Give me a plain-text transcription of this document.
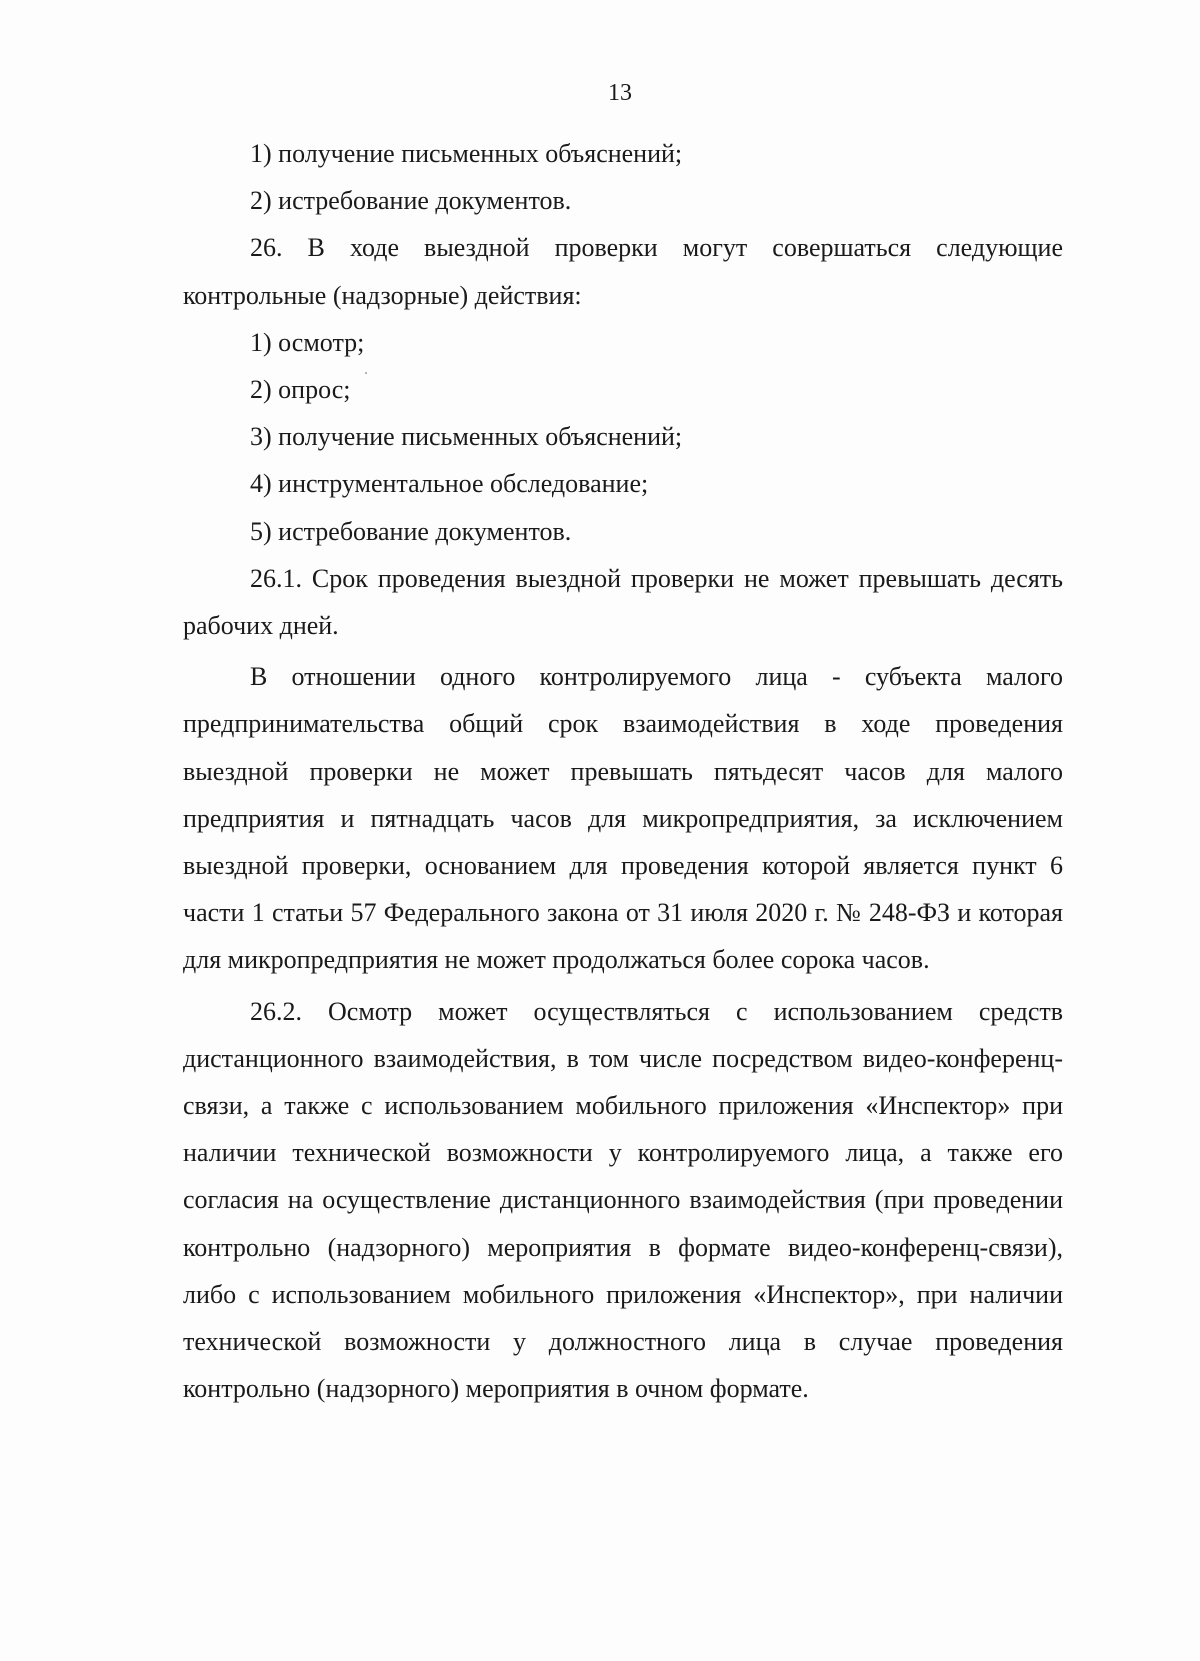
13

1) получение письменных объяснений;

2) истребование документов.

26. В ходе выездной проверки могут совершаться следующие контрольные (надзорные) действия:

1) осмотр;

2) опрос;

3) получение письменных объяснений;

4) инструментальное обследование;

5) истребование документов.

26.1. Срок проведения выездной проверки не может превышать десять рабочих дней.

В отношении одного контролируемого лица - субъекта малого предпринимательства общий срок взаимодействия в ходе проведения выездной проверки не может превышать пятьдесят часов для малого предприятия и пятнадцать часов для микропредприятия, за исключением выездной проверки, основанием для проведения которой является пункт 6 части 1 статьи 57 Федерального закона от 31 июля 2020 г. № 248-ФЗ и которая для микропредприятия не может продолжаться более сорока часов.

26.2. Осмотр может осуществляться с использованием средств дистанционного взаимодействия, в том числе посредством видео-конференц-связи, а также с использованием мобильного приложения «Инспектор» при наличии технической возможности у контролируемого лица, а также его согласия на осуществление дистанционного взаимодействия (при проведении контрольно (надзорного) мероприятия в формате видео-конференц-связи), либо с использованием мобильного приложения «Инспектор», при наличии технической возможности у должностного лица в случае проведения контрольно (надзорного) мероприятия в очном формате.
